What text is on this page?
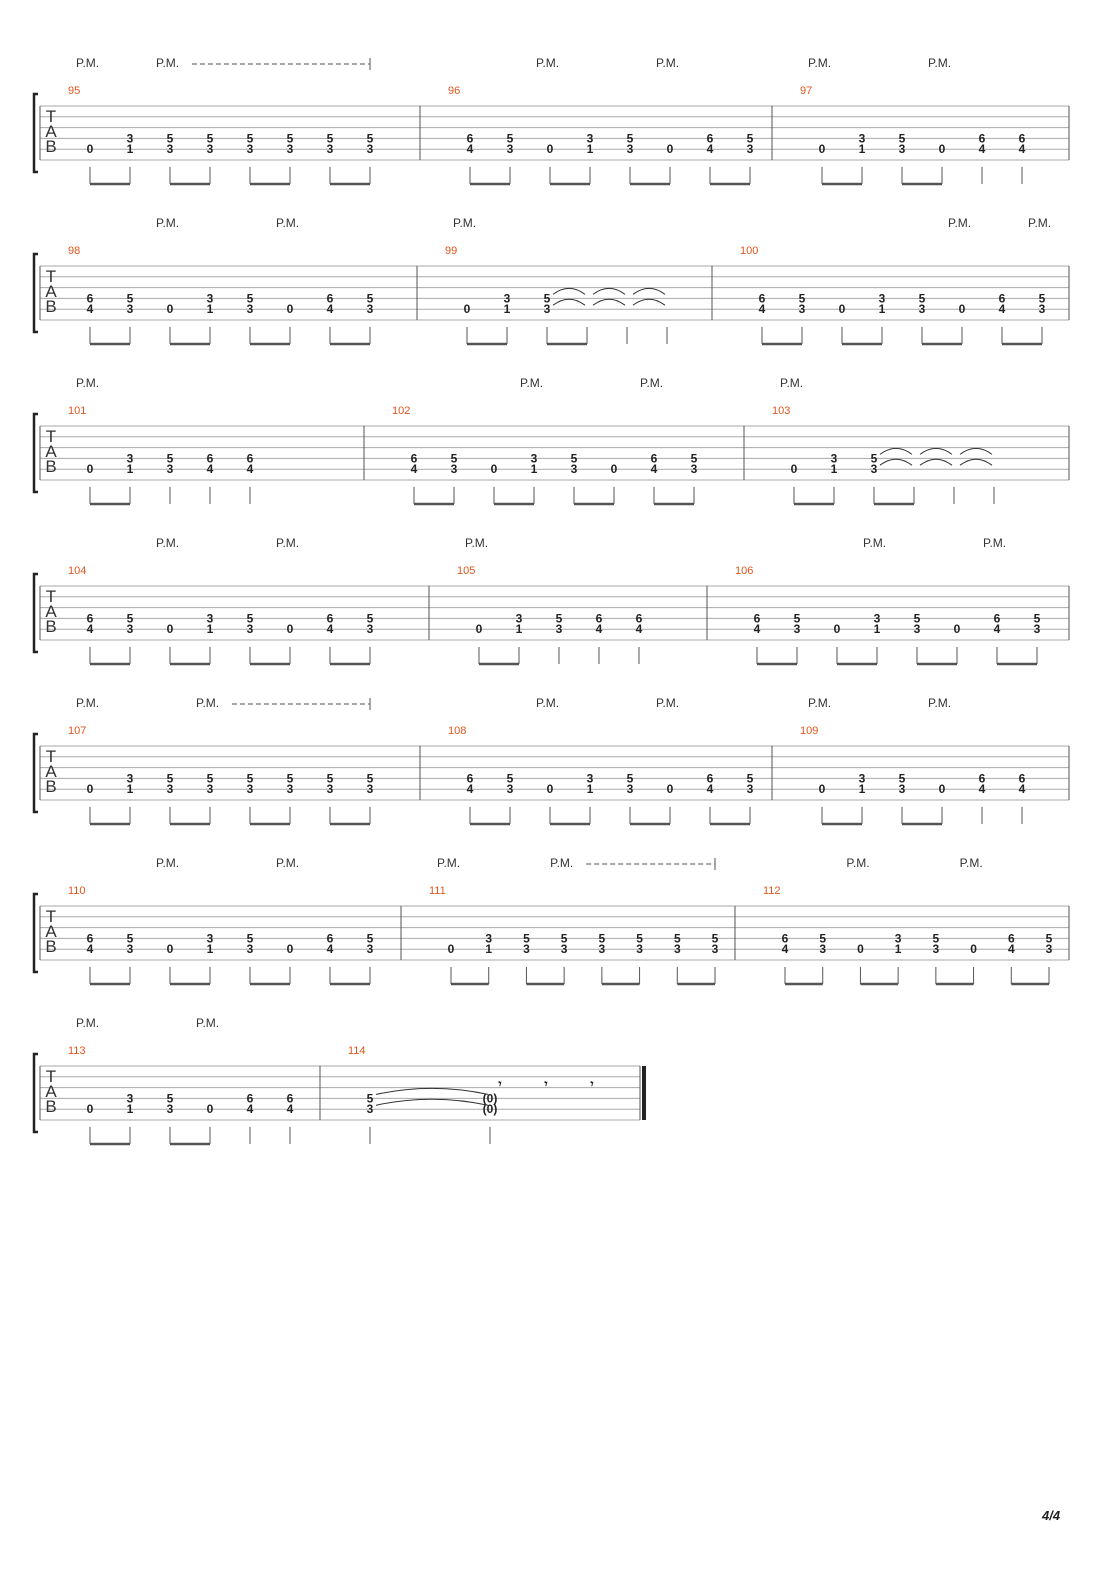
T
A
B
95
0
3
1
5
3
5
3
5
3
5
3
5
3
5
3
P.M.	P.M.
96
6
4
5
3	0
3
1
5
3	0
6
4
5
3
P.M.	P.M.
97
0
3
1
5
3	0
6
4
6
4
P.M.	P.M.
T
A
B
98
6
4
5
3	0
3
1
5
3	0
6
4
5
3
P.M.	P.M.
99
0
3
1
5
3
P.M.
100
6
4
5
3	0
3
1
5
3	0
6
4
5
3
P.M.	P.M.
T
A
B
101
0
3
1
5
3
6
4
6
4
P.M.
102
6
4
5
3	0
3
1
5
3	0
6
4
5
3
P.M.	P.M.
103
0
3
1
5
3
P.M.
T
A
B
104
6
4
5
3	0
3
1
5
3	0
6
4
5
3
P.M.	P.M.
105
0
3
1
5
3
6
4
6
4
P.M.
106
6
4
5
3	0
3
1
5
3	0
6
4
5
3
P.M.	P.M.
T
A
B
107
0
3
1
5
3
5
3
5
3
5
3
5
3
5
3
P.M.	P.M.
108
6
4
5
3	0
3
1
5
3	0
6
4
5
3
P.M.	P.M.
109
0
3
1
5
3	0
6
4
6
4
P.M.	P.M.
T
A
B
110
6
4
5
3	0
3
1
5
3	0
6
4
5
3
P.M.	P.M.
111
0
3
1
5
3
5
3
5
3
5
3
5
3
5
3
P.M.	P.M.
112
6
4
5
3	0
3
1
5
3	0
6
4
5
3
P.M.	P.M.
T
A
B
113
0
3
1
5
3	0
6
4
6
4
P.M.	P.M.
114
5
3
(0)
(0)
𝄾	𝄾	𝄾
4/4
